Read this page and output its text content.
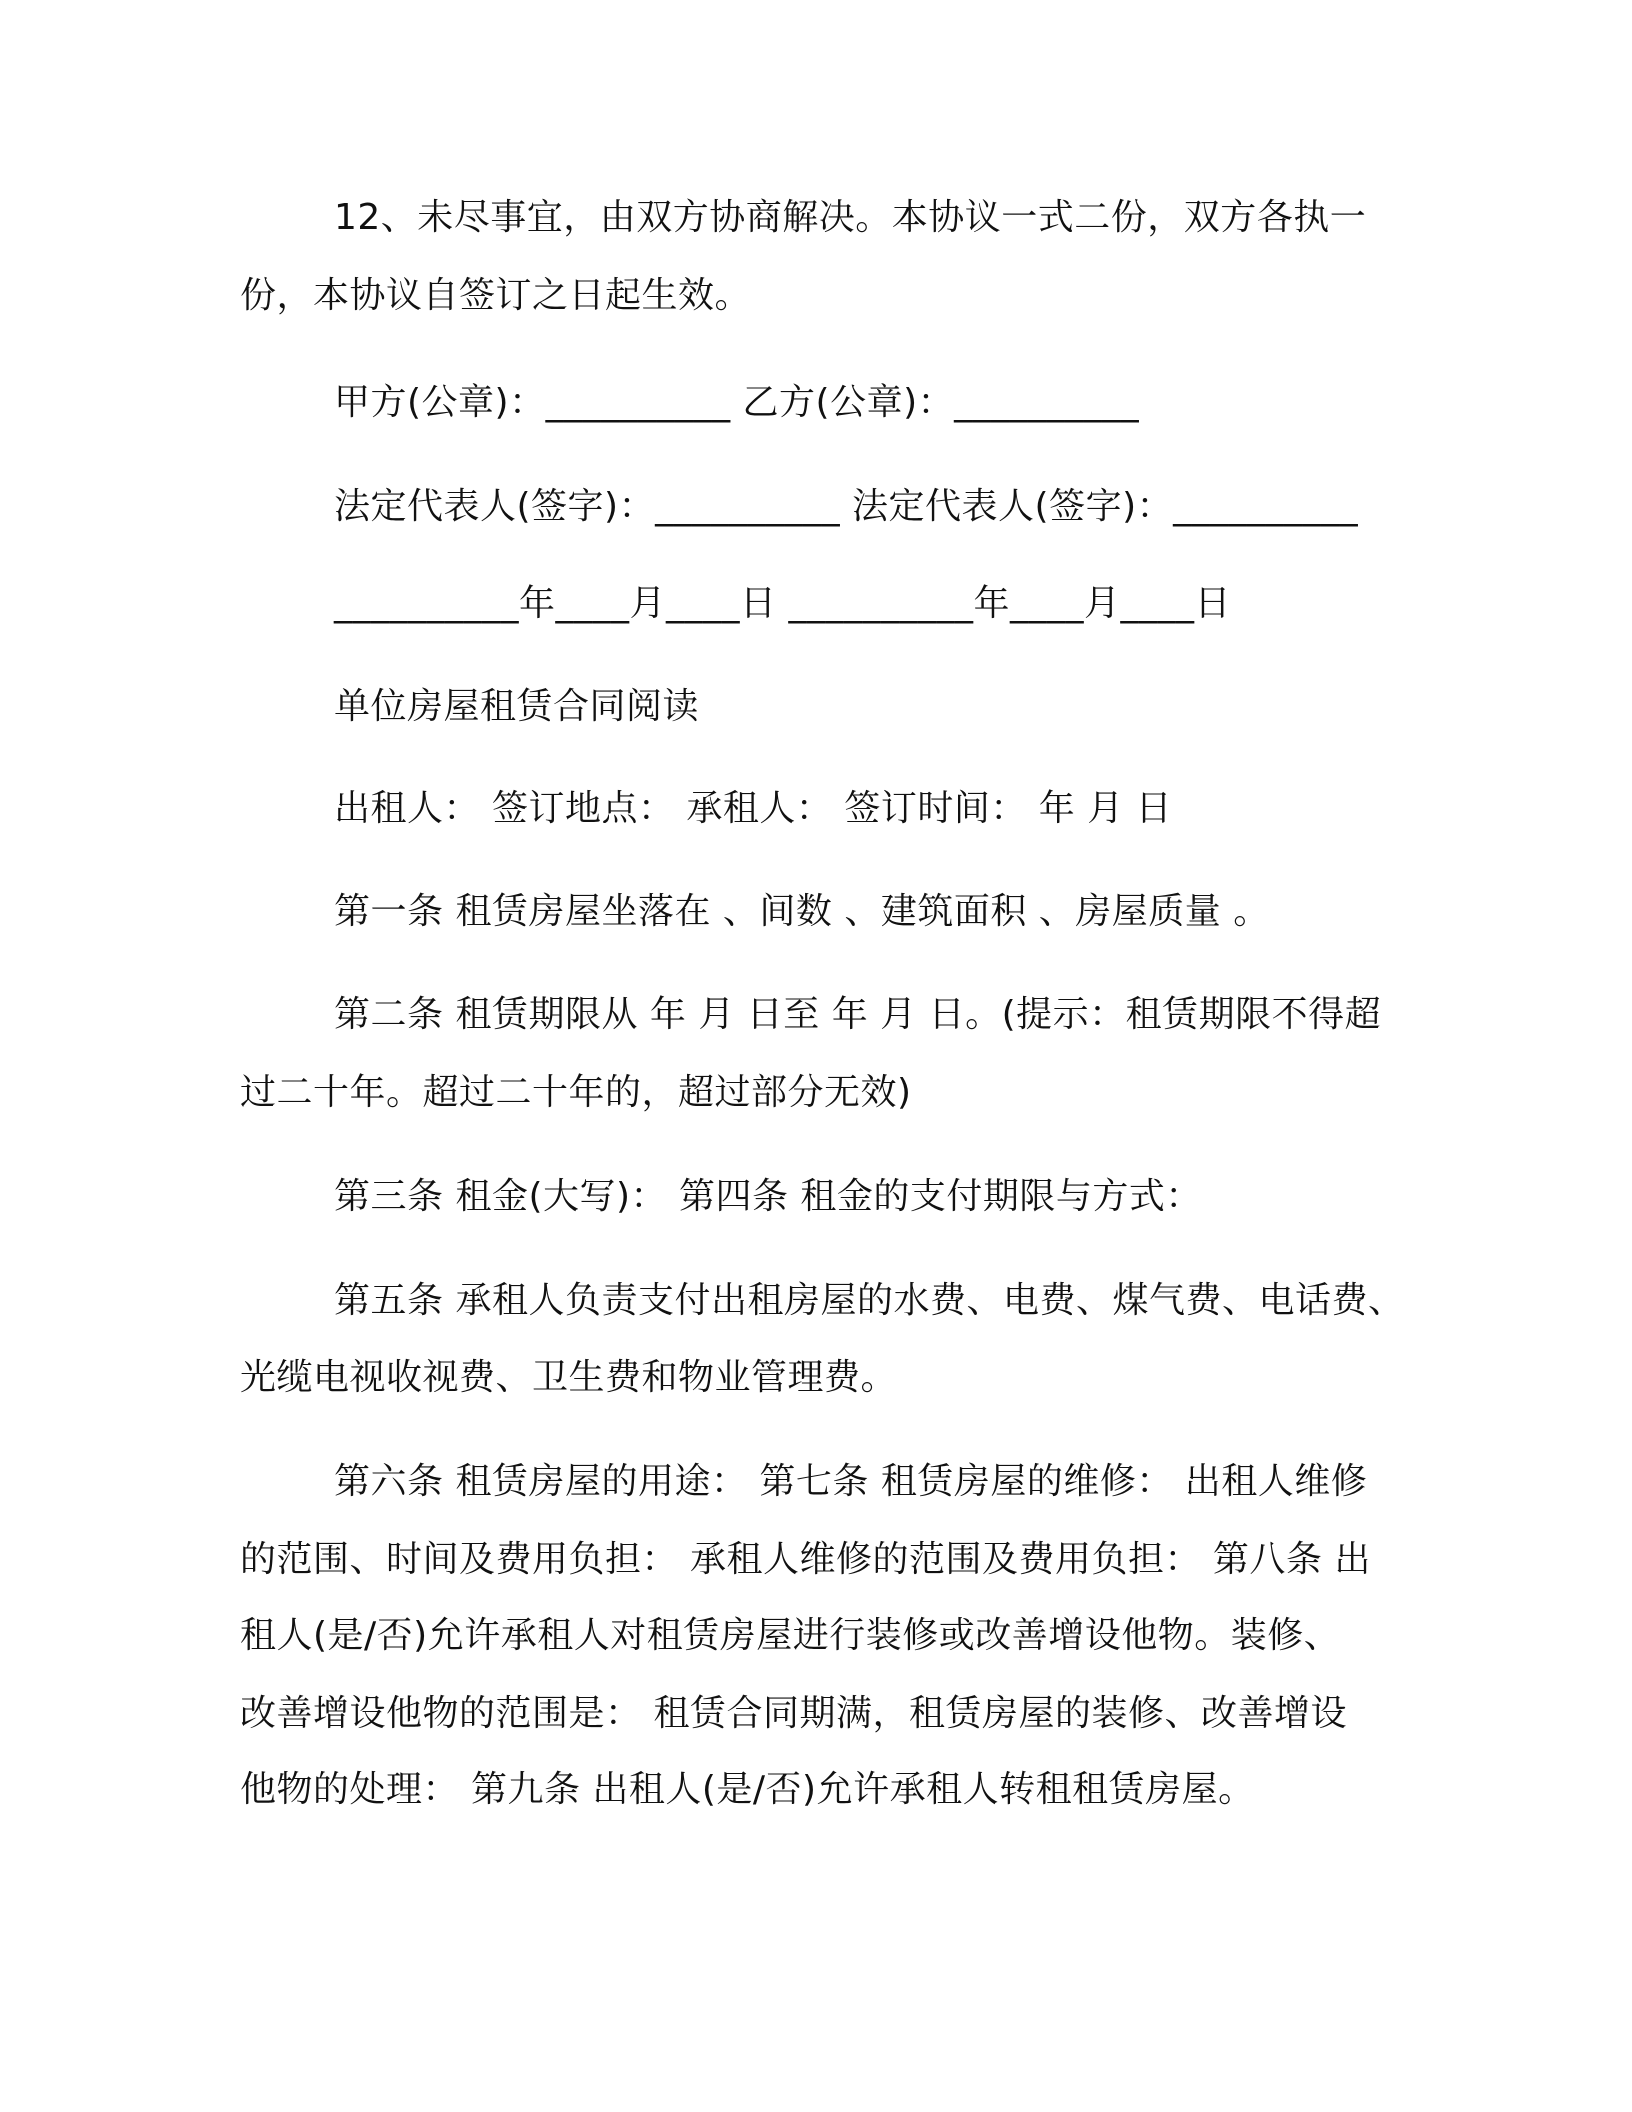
12、未尽事宜，由双方协商解决。本协议一式二份，双方各执一
份，本协议自签订之日起生效。
甲方(公章)：__________ 乙方(公章)：__________
法定代表人(签字)：__________ 法定代表人(签字)：__________
__________年____月____日 __________年____月____日
单位房屋租赁合同阅读
出租人： 签订地点： 承租人： 签订时间： 年 月 日
第一条 租赁房屋坐落在 、间数 、建筑面积 、房屋质量 。
第二条 租赁期限从 年 月 日至 年 月 日。(提示：租赁期限不得超
过二十年。超过二十年的，超过部分无效)
第三条 租金(大写)： 第四条 租金的支付期限与方式：
第五条 承租人负责支付出租房屋的水费、电费、煤气费、电话费、
光缆电视收视费、卫生费和物业管理费。
第六条 租赁房屋的用途： 第七条 租赁房屋的维修： 出租人维修
的范围、时间及费用负担： 承租人维修的范围及费用负担： 第八条 出
租人(是/否)允许承租人对租赁房屋进行装修或改善增设他物。装修、
改善增设他物的范围是： 租赁合同期满，租赁房屋的装修、改善增设
他物的处理： 第九条 出租人(是/否)允许承租人转租租赁房屋。
